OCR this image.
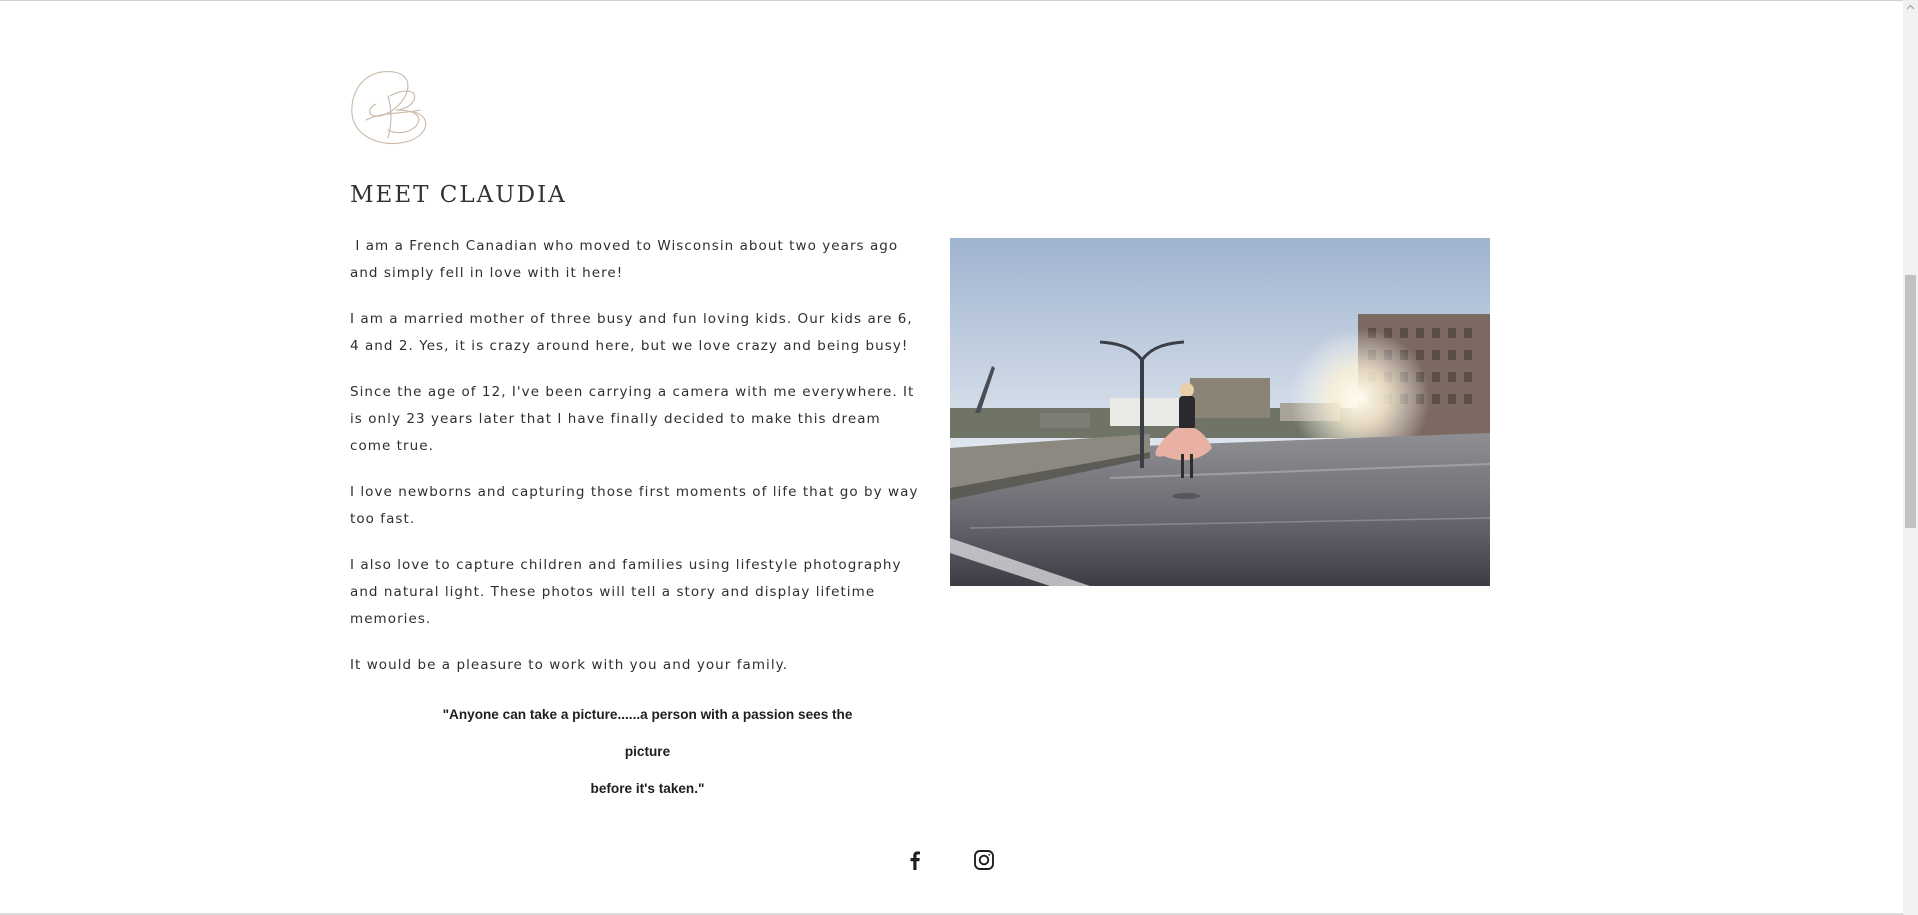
MEET CLAUDIA

I am a French Canadian who moved to Wisconsin about two years ago and simply fell in love with it here!

I am a married mother of three busy and fun loving kids. Our kids are 6, 4 and 2. Yes, it is crazy around here, but we love crazy and being busy!

Since the age of 12, I've been carrying a camera with me everywhere. It is only 23 years later that I have finally decided to make this dream come true.

I love newborns and capturing those first moments of life that go by way too fast.

I also love to capture children and families using lifestyle photography and natural light. These photos will tell a story and display lifetime memories.

It would be a pleasure to work with you and your family.

"Anyone can take a picture......a person with a passion sees the picture
before it's taken."
